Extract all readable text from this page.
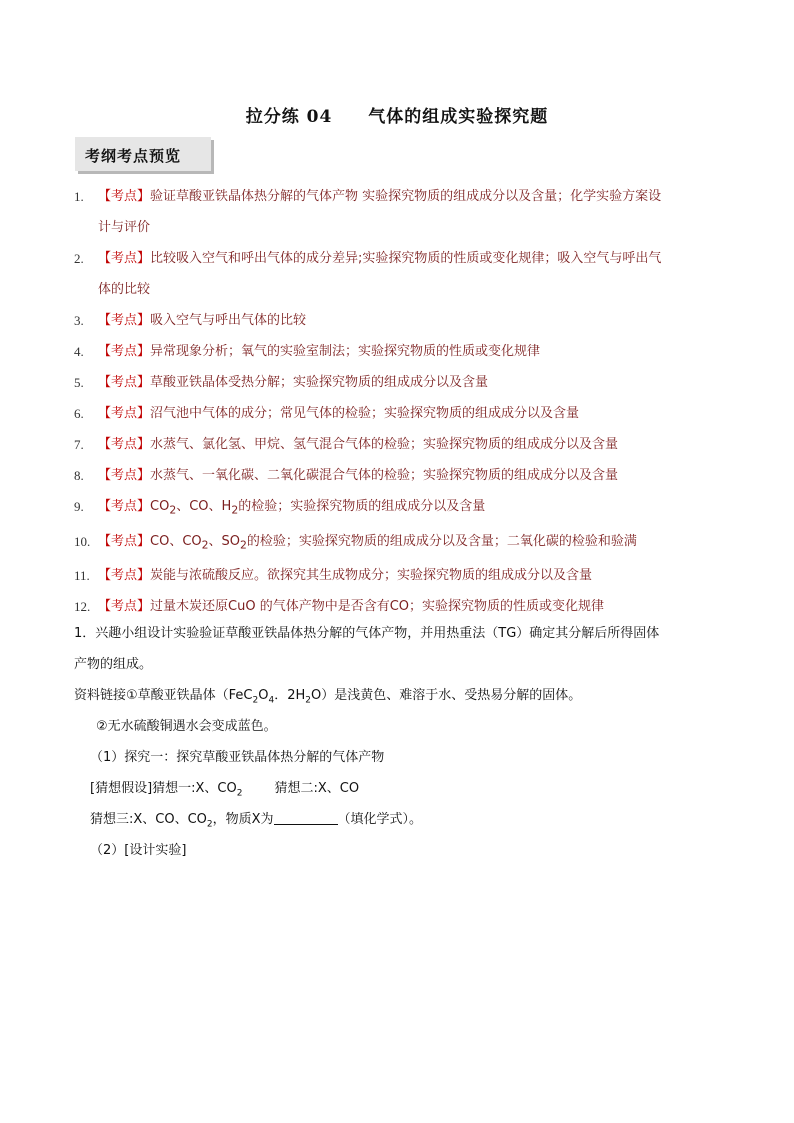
拉分练 04 气体的组成实验探究题
考纲考点预览
1. 【考点】验证草酸亚铁晶体热分解的气体产物 实验探究物质的组成成分以及含量；化学实验方案设
计与评价
2. 【考点】比较吸入空气和呼出气体的成分差异;实验探究物质的性质或变化规律；吸入空气与呼出气
体的比较
3. 【考点】吸入空气与呼出气体的比较
4. 【考点】异常现象分析；氧气的实验室制法；实验探究物质的性质或变化规律
5. 【考点】草酸亚铁晶体受热分解；实验探究物质的组成成分以及含量
6. 【考点】沼气池中气体的成分；常见气体的检验；实验探究物质的组成成分以及含量
7. 【考点】水蒸气、氯化氢、甲烷、氢气混合气体的检验；实验探究物质的组成成分以及含量
8. 【考点】水蒸气、一氧化碳、二氧化碳混合气体的检验；实验探究物质的组成成分以及含量
9. 【考点】$CO_2$、CO、$H_2$的检验；实验探究物质的组成成分以及含量
10. 【考点】CO、$CO_2$、$SO_2$的检验；实验探究物质的组成成分以及含量；二氧化碳的检验和验满
11. 【考点】炭能与浓硫酸反应。欲探究其生成物成分；实验探究物质的组成成分以及含量
12. 【考点】过量木炭还原CuO 的气体产物中是否含有CO；实验探究物质的性质或变化规律
1．兴趣小组设计实验验证草酸亚铁晶体热分解的气体产物，并用热重法（TG）确定其分解后所得固体
产物的组成。
资料链接①草酸亚铁晶体（$FeC_2O_4$．$2H_2O$）是浅黄色、难溶于水、受热易分解的固体。
②无水硫酸铜遇水会变成蓝色。
（1）探究一：探究草酸亚铁晶体热分解的气体产物
[猜想假设]猜想一:X、$CO_2$ 猜想二:X、CO
猜想三:X、CO、$CO_2$，物质X为	（填化学式）。
（2）[设计实验]
